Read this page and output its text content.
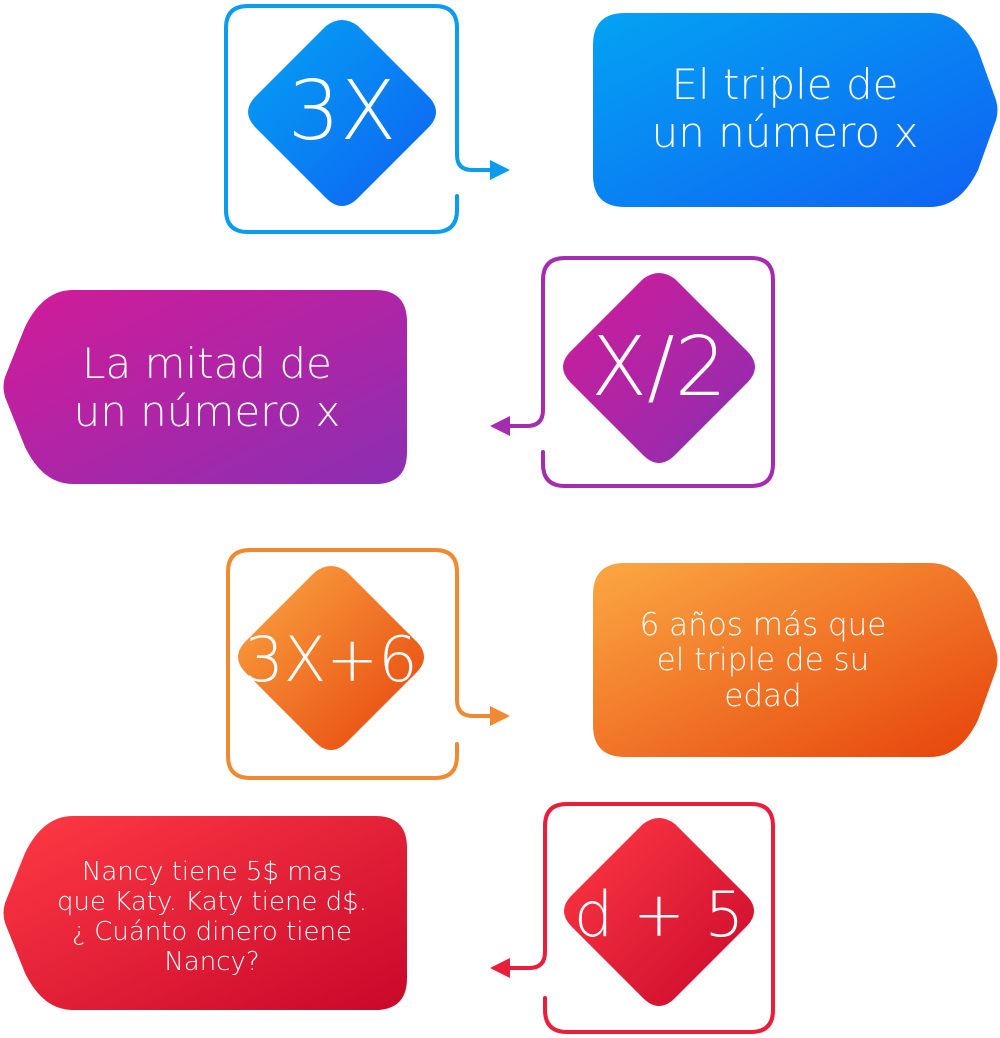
3X
X/2
3X+6
d + 5
El triple de
un número x
La mitad de
un número x
6 años más que
el triple de su
edad
Nancy tiene 5$ mas
que Katy. Katy tiene d$.
¿ Cuánto dinero tiene
Nancy?
